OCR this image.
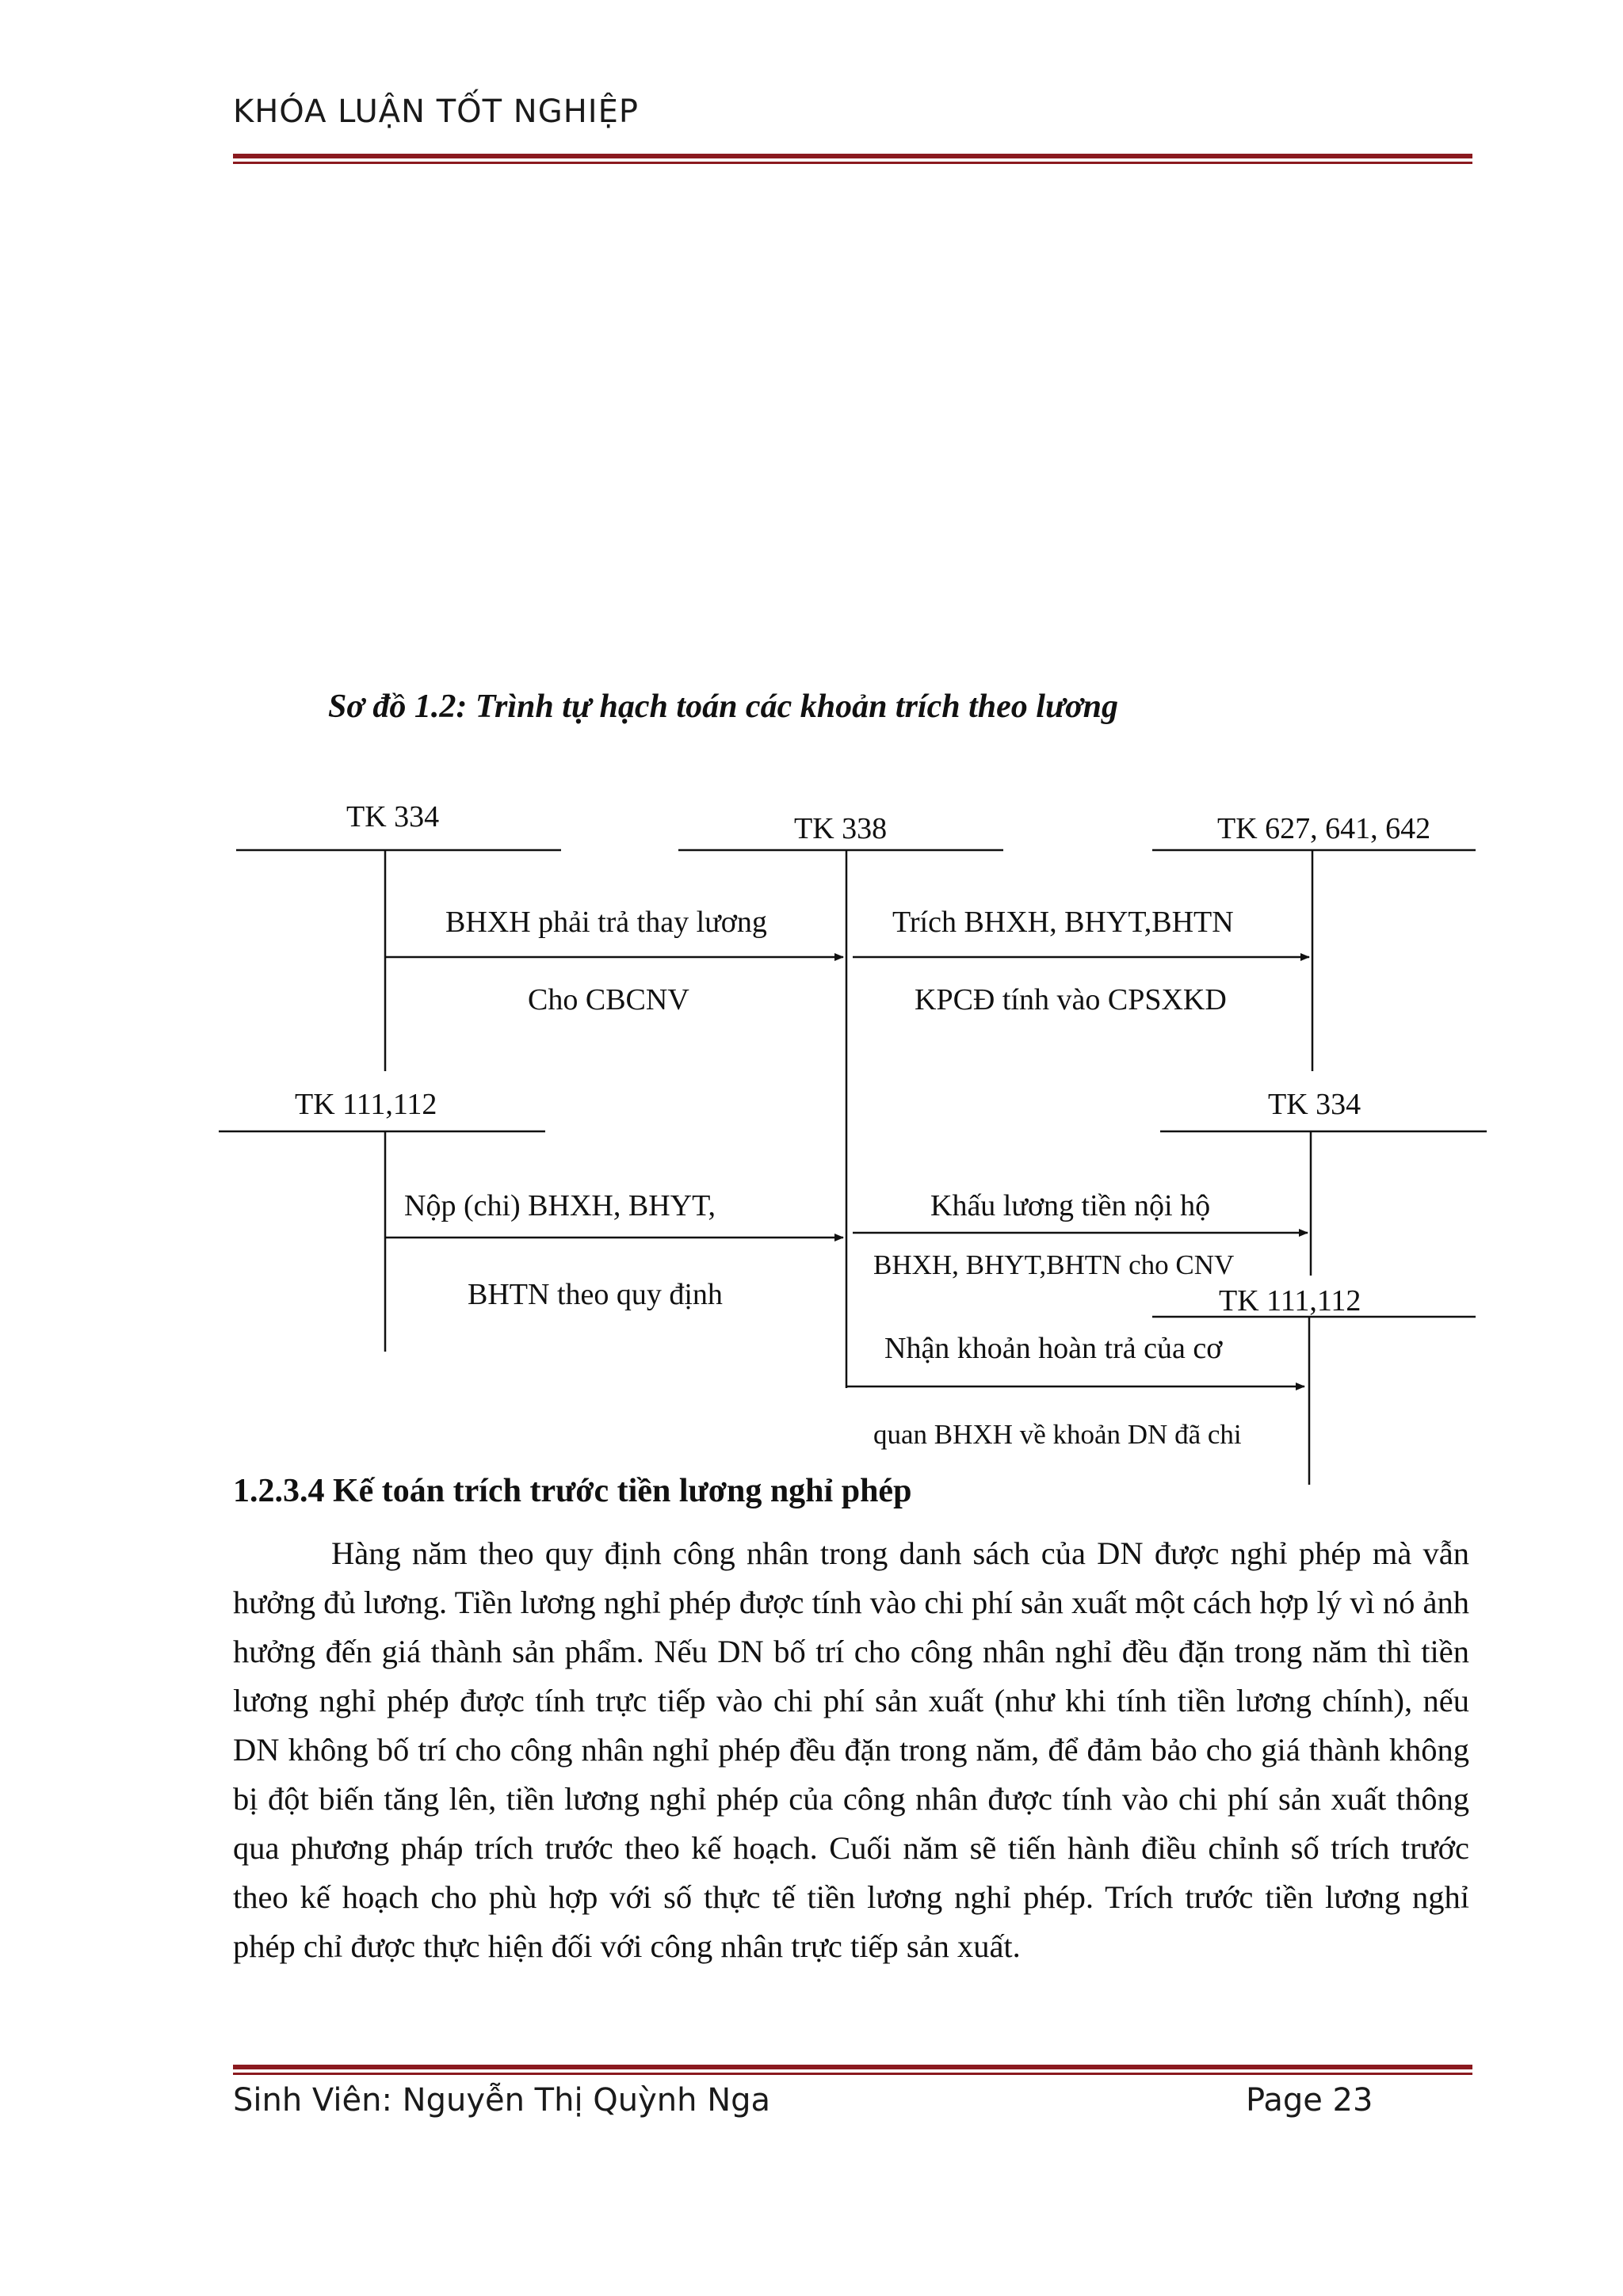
KHÓA LUẬN TỐT NGHIỆP
Sơ đồ 1.2: Trình tự hạch toán các khoản trích theo lương
TK 334	TK 338	TK 627, 641, 642
TK 111,112	TK 334
TK 111,112
BHXH phải trả thay lương
Cho CBCNV
Trích BHXH, BHYT,BHTN
KPCĐ tính vào CPSXKD
Nộp (chi) BHXH, BHYT,
BHTN theo quy định
Khấu lương tiền nội hộ
BHXH, BHYT,BHTN cho CNV
Nhận khoản hoàn trả của cơ
quan BHXH về khoản DN đã chi
1.2.3.4 Kế toán trích trước tiền lương nghỉ phép

Hàng năm theo quy định công nhân trong danh sách của DN được nghỉ phép mà vẫn hưởng đủ lương. Tiền lương nghỉ phép được tính vào chi phí sản xuất một cách hợp lý vì nó ảnh hưởng đến giá thành sản phẩm. Nếu DN bố trí cho công nhân nghỉ đều đặn trong năm thì tiền lương nghỉ phép được tính trực tiếp vào chi phí sản xuất (như khi tính tiền lương chính), nếu DN không bố trí cho công nhân nghỉ phép đều đặn trong năm, để đảm bảo cho giá thành không bị đột biến tăng lên, tiền lương nghỉ phép của công nhân được tính vào chi phí sản xuất thông qua phương pháp trích trước theo kế hoạch. Cuối năm sẽ tiến hành điều chỉnh số trích trước theo kế hoạch cho phù hợp với số thực tế tiền lương nghỉ phép. Trích trước tiền lương nghỉ phép chỉ được thực hiện đối với công nhân trực tiếp sản xuất.

Sinh Viên: Nguyễn Thị Quỳnh Nga	Page 23
